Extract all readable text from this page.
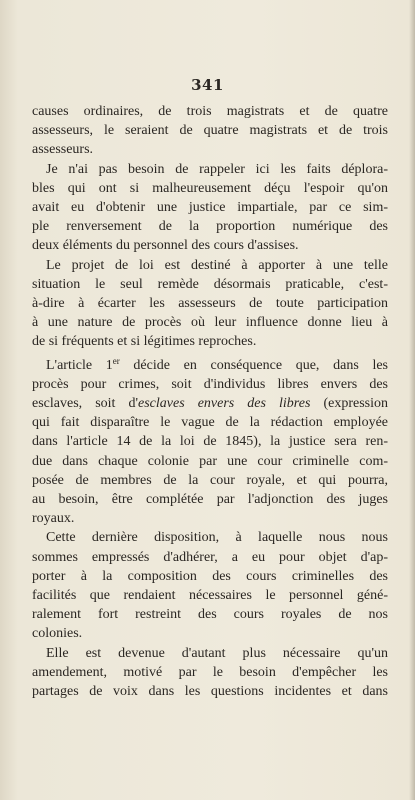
341

causes ordinaires, de trois magistrats et de quatre
assesseurs, le seraient de quatre magistrats et de trois
assesseurs.

Je n'ai pas besoin de rappeler ici les faits déplora-
bles qui ont si malheureusement déçu l'espoir qu'on
avait eu d'obtenir une justice impartiale, par ce sim-
ple renversement de la proportion numérique des
deux éléments du personnel des cours d'assises.

Le projet de loi est destiné à apporter à une telle
situation le seul remède désormais praticable, c'est-
à-dire à écarter les assesseurs de toute participation
à une nature de procès où leur influence donne lieu à
de si fréquents et si légitimes reproches.

L'article 1er décide en conséquence que, dans les
procès pour crimes, soit d'individus libres envers des
esclaves, soit d'esclaves envers des libres (expression
qui fait disparaître le vague de la rédaction employée
dans l'article 14 de la loi de 1845), la justice sera ren-
due dans chaque colonie par une cour criminelle com-
posée de membres de la cour royale, et qui pourra,
au besoin, être complétée par l'adjonction des juges
royaux.

Cette dernière disposition, à laquelle nous nous
sommes empressés d'adhérer, a eu pour objet d'ap-
porter à la composition des cours criminelles des
facilités que rendaient nécessaires le personnel géné-
ralement fort restreint des cours royales de nos
colonies.

Elle est devenue d'autant plus nécessaire qu'un
amendement, motivé par le besoin d'empêcher les
partages de voix dans les questions incidentes et dans
